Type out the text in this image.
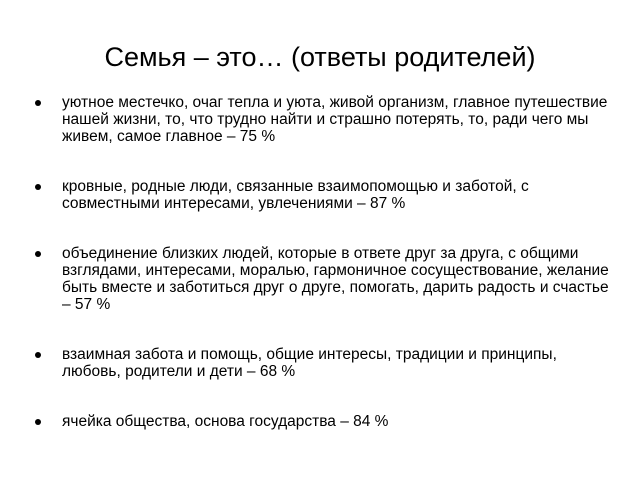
Семья – это… (ответы родителей)
уютное местечко, очаг тепла и уюта, живой организм, главное путешествие нашей жизни, то, что трудно найти и страшно потерять, то, ради чего мы живем, самое главное – 75 %
кровные, родные люди, связанные взаимопомощью и заботой, с совместными интересами, увлечениями – 87 %
объединение близких людей, которые в ответе друг за друга, с общими взглядами, интересами, моралью, гармоничное сосуществование, желание быть вместе и заботиться друг о друге, помогать, дарить радость и счастье – 57 %
взаимная забота и помощь, общие интересы, традиции и принципы, любовь, родители и дети – 68 %
ячейка общества, основа государства – 84 %
